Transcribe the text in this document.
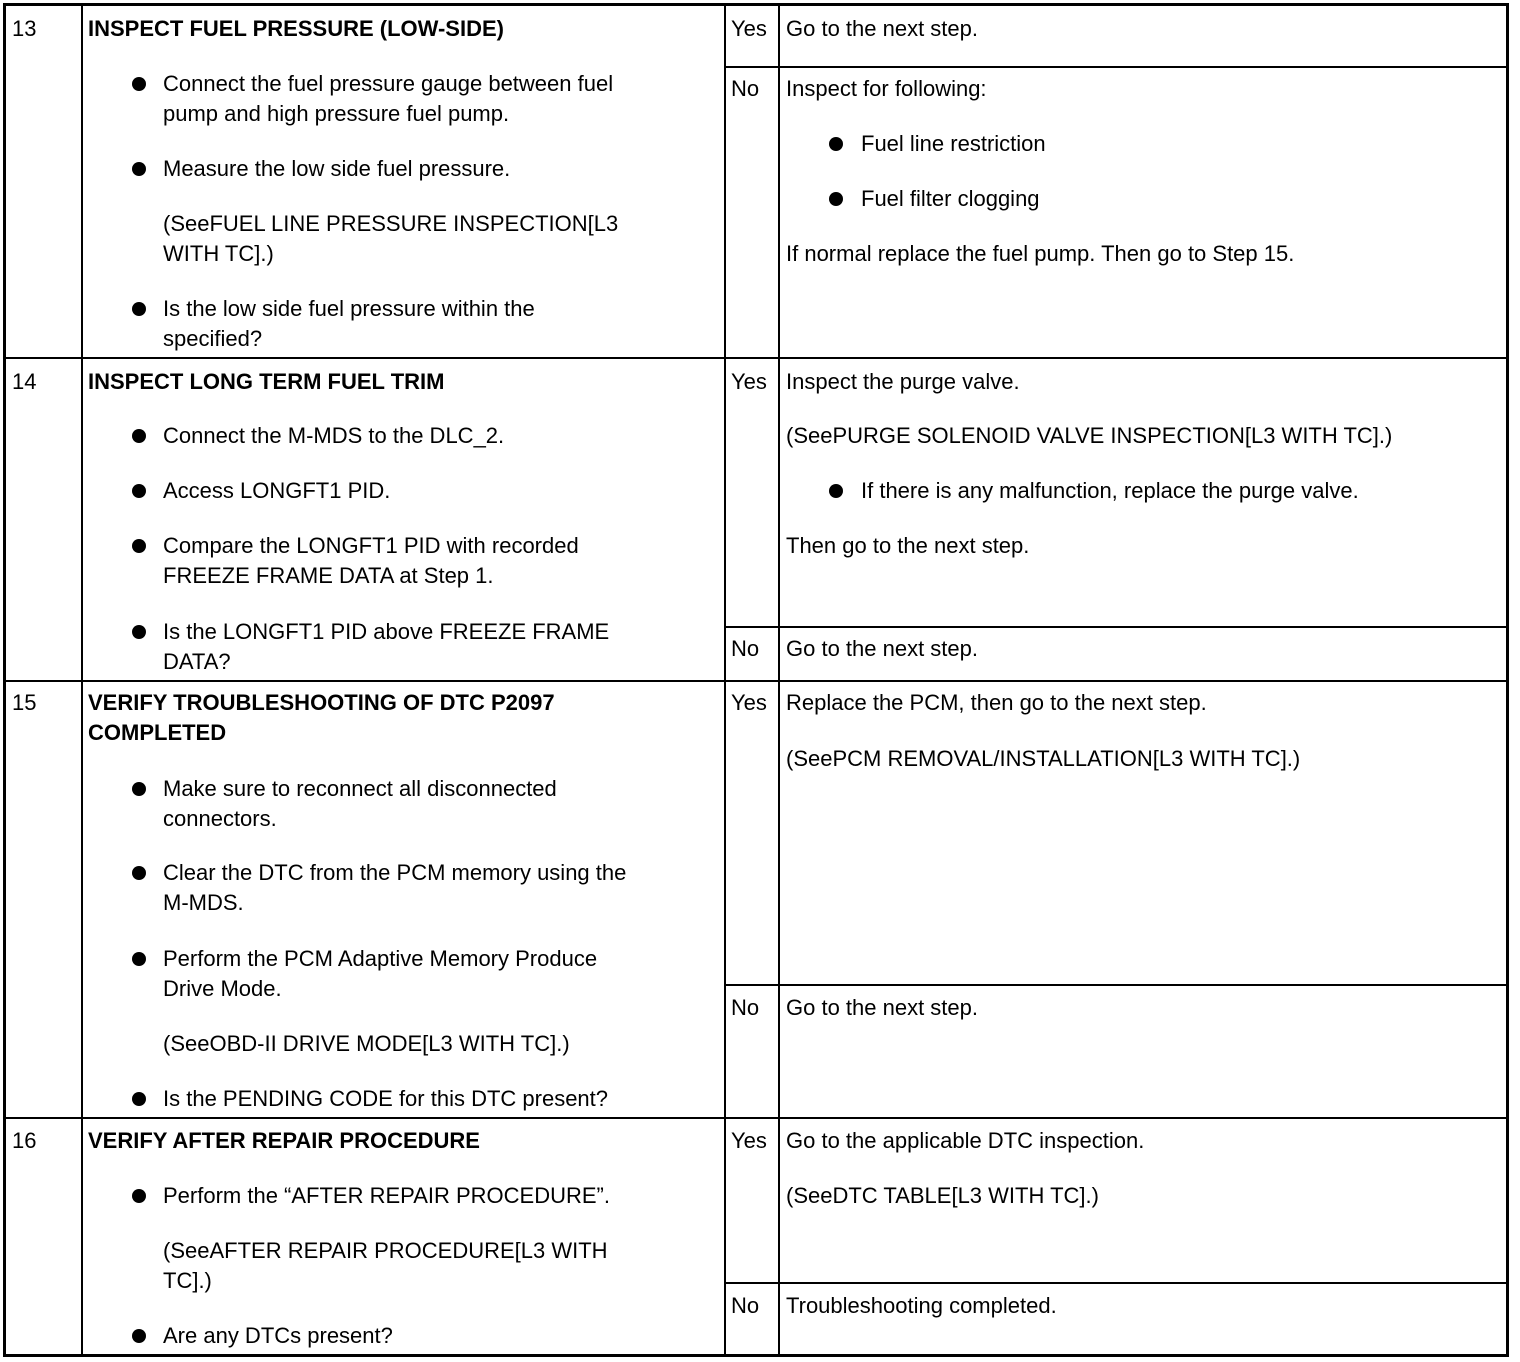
13 INSPECT FUEL PRESSURE (LOW-SIDE)
Connect the fuel pressure gauge between fuel
pump and high pressure fuel pump.
Measure the low side fuel pressure.
(SeeFUEL LINE PRESSURE INSPECTION[L3
WITH TC].)
Is the low side fuel pressure within the
specified?
Yes Go to the next step.
No Inspect for following:
Fuel line restriction
Fuel filter clogging
If normal replace the fuel pump. Then go to Step 15.
14 INSPECT LONG TERM FUEL TRIM
Connect the M-MDS to the DLC_2.
Access LONGFT1 PID.
Compare the LONGFT1 PID with recorded
FREEZE FRAME DATA at Step 1.
Is the LONGFT1 PID above FREEZE FRAME
DATA?
Yes Inspect the purge valve.
(SeePURGE SOLENOID VALVE INSPECTION[L3 WITH TC].)
If there is any malfunction, replace the purge valve.
Then go to the next step.
No Go to the next step.
15 VERIFY TROUBLESHOOTING OF DTC P2097
COMPLETED
Make sure to reconnect all disconnected
connectors.
Clear the DTC from the PCM memory using the
M-MDS.
Perform the PCM Adaptive Memory Produce
Drive Mode.
(SeeOBD-II DRIVE MODE[L3 WITH TC].)
Is the PENDING CODE for this DTC present?
Yes Replace the PCM, then go to the next step.
(SeePCM REMOVAL/INSTALLATION[L3 WITH TC].)
No Go to the next step.
16 VERIFY AFTER REPAIR PROCEDURE
Perform the “AFTER REPAIR PROCEDURE”.
(SeeAFTER REPAIR PROCEDURE[L3 WITH
TC].)
Are any DTCs present?
Yes Go to the applicable DTC inspection.
(SeeDTC TABLE[L3 WITH TC].)
No Troubleshooting completed.
